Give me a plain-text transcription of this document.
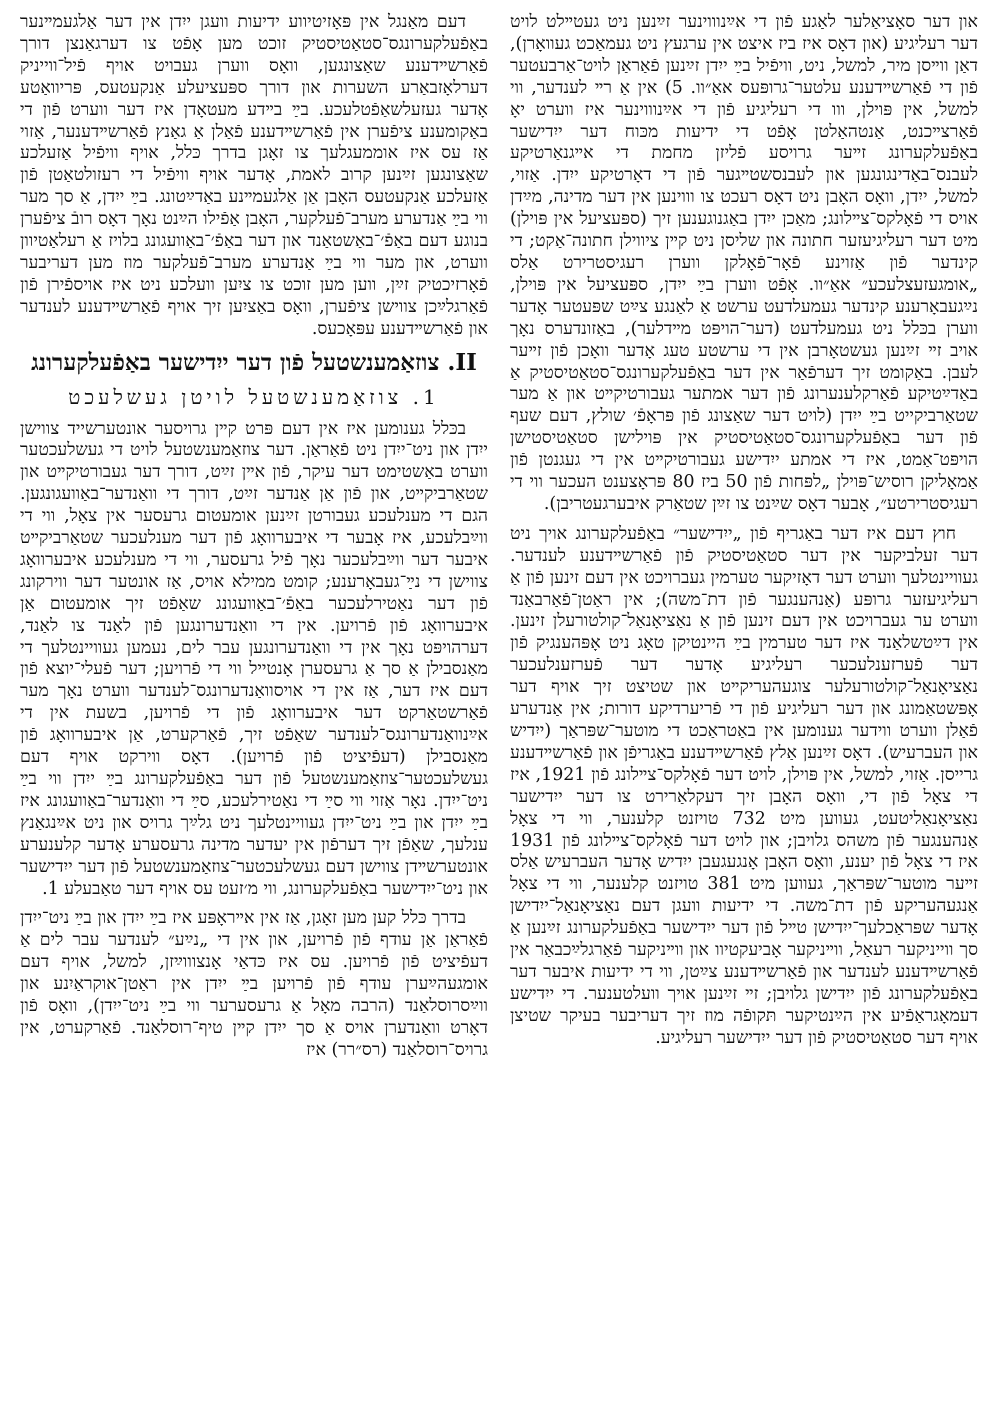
און דער סאָציאַלער לאַגע פֿון די אײַנוווינער זײַנען ניט געטײלט לויט דער רעליגיע (און דאָס איז ביז איצט אין ערגעץ ניט געמאַכט געוואָרן), דאַן ווײסן מיר, למשל, ניט, וויפֿיל בײַ ייִדן זײַנען פֿאַראַן לויט־אַרבעטער פֿון די פֿאַרשײדענע עלטער־גרופּעס אאַ״וו. 5) אין אַ רײ לענדער, ווי למשל, אין פּוילן, ווו די רעליגיע פֿון די אײַנוווינער איז ווערט יאָ פֿאַרצײכנט, אַנטהאַלטן אָפֿט די ידיעות מכּוח דער ייִדישער באַפֿעלקערונג זײער גרויסע פֿליזן מחמת די אײגנאַרטיקע לעבנס־באַדינגונגען און לעבנסשטײגער פֿון די דאָרטיקע ייִדן. אַזוי, למשל, ייִדן, וואָס האָבן ניט דאָס רעכט צו וווינען אין דער מדינה, מײַדן אויס די פֿאָלקס־צײלונג; מאַכן ייִדן באַגנוגענען זיך (ספּעציעל אין פּוילן) מיט דער רעליגיעזער חתונה און שליסן ניט קײן ציווילן חתונה־אַקט; די קינדער פֿון אַזוינע פֿאָר־פֿאָלקן ווערן רעגיסטרירט אַלס „אומגעזעצלעכע״ אאַ״וו. אָפֿט ווערן בײַ ייִדן, ספּעציעל אין פּוילן, נײַגעבאָרענע קינדער געמעלדעט ערשט אַ לאַנגע צײַט שפּעטער אָדער ווערן בכּלל ניט געמעלדעט (דער־הויפּט מײדלער), באַזונדערס נאָך אויב זײ זײַנען געשטאָרבן אין די ערשטע טעג אָדער וואָכן פֿון זײער לעבן. באַקומט זיך דערפֿאַר אין דער באַפֿעלקערונגס־סטאַטיסטיק אַ באַדײַטיקע פֿאַרקלענערונג פֿון דער אמתער געבורטיקײט און אַ מער שטאַרביקייט בײַ ייִדן (לויט דער שאַצונג פֿון פּראָפֿ׳ שולץ, דעם שעף פֿון דער באַפֿעלקערונגס־סטאַטיסטיק אין פּוילישן סטאַטיסטישן הויפּט־אַמט, איז די אמתע ייִדישע געבורטיקײט אין די געגנטן פֿון אַמאָליקן רוסיש־פּוילן „לפּחות פֿון 50 ביז 80 פּראָצענט העכער ווי די רעגיסטרירטע״, אָבער דאָס שײַנט צו זײַן שטאַרק איבערגעטריבן).

חוץ דעם איז דער באַגריף פֿון „ייִדישער״ באַפֿעלקערונג אויך ניט דער זעלביקער אין דער סטאַטיסטיק פֿון פֿאַרשײדענע לענדער. געוויינטלעך ווערט דער דאָזיקער טערמין געברויכט אין דעם זינען פֿון אַ רעליגיעזער גרופּע (אַנהענגער פֿון דת־משה); אין ראַטן־פֿאַרבאַנד ווערט ער געברויכט אין דעם זינען פֿון אַ נאַציאָנאַל־קולטורעלן זינען. אין דײַטשלאַנד איז דער טערמין בײַ היינטיקן טאָג ניט אָפּהענגיק פֿון דער פֿערזענלעכער רעליגיע אָדער דער פֿערזענלעכער נאַציאָנאַל־קולטורעלער צוגעהעריקײט און שטיצט זיך אויף דער אָפּשטאַמונג און דער רעליגיע פֿון די פֿריערדיקע דורות; אין אַנדערע פֿאַלן ווערט ווידער גענומען אין באַטראַכט די מוטער־שפּראַך (ייִדיש און העברעיש). דאָס זײַנען אַלץ פֿאַרשײדענע באַגריפֿן און פֿאַרשײדענע גרייסן. אַזוי, למשל, אין פּוילן, לויט דער פֿאָלקס־צײלונג פֿון 1921, איז די צאָל פֿון די, וואָס האָבן זיך דעקלאַרירט צו דער ייִדישער נאַציאָנאַליטעט, געווען מיט 732 טויזנט קלענער, ווי די צאָל אַנהענגער פֿון משהס גלויבן; און לויט דער פֿאָלקס־צײלונג פֿון 1931 איז די צאָל פֿון יענע, וואָס האָבן אָנגעגעבן ייִדיש אָדער העברעיש אַלס זײער מוטער־שפּראַך, געווען מיט 381 טויזנט קלענער, ווי די צאָל אַנגעהעריקע פֿון דת־משה. די ידיעות וועגן דעם נאַציאָנאַל־ייִדישן אָדער שפּראַכלעך־ייִדישן טײל פֿון דער ייִדישער באַפֿעלקערונג זײַנען אַ סך ווייניקער רעאַל, ווײניקער אָביעקטיוו און ווײניקער פֿאַרגלײַכבאַר אין פֿאַרשײדענע לענדער און פֿאַרשײדענע צײַטן, ווי די ידיעות איבער דער באַפֿעלקערונג פֿון ייִדישן גלויבן; זײ זײַנען אויך וועלטענער. די ייִדישע דעמאָגראַפֿיע אין הײַנטיקער תּקופֿה מוז זיך דעריבער בעיקר שטיצן אויף דער סטאַטיסטיק פֿון דער ייִדישער רעליגיע.

דעם מאַנגל אין פּאָזיטיווע ידיעות וועגן ייִדן אין דער אַלגעמײנער באַפֿעלקערונגס־סטאַטיסטיק זוכט מען אָפֿט צו דערגאַנצן דורך פֿאַרשײדענע שאַצונגען, וואָס ווערן געבויט אויף פֿיל־ווייניק דערלאָזבאַרע השערות און דורך ספּעציעלע אַנקעטעס, פּריוואַטע אָדער געזעלשאַפֿטלעכע. בײַ בײדע מעטאָדן איז דער ווערט פֿון די באַקומענע ציפֿערן אין פֿאַרשײדענע פֿאַלן אַ גאַנץ פֿאַרשײדענער, אַזוי אַז עס איז אוממעגלעך צו זאָגן בדרך כּלל, אויף וויפֿיל אַזעלכע שאַצונגען זײַנען קרוב לאמת, אָדער אויף וויפֿיל די רעזולטאַטן פֿון אַזעלכע אַנקעטעס האָבן אַן אַלגעמײנע באַדײַטונג. בײַ ייִדן, אַ סך מער ווי בײַ אַנדערע מערב־פֿעלקער, האָבן אַפֿילו הײַנט נאָך דאָס רובֿ ציפֿערן בנוגע דעם באַפֿ׳־באַשטאַנד און דער באַפֿ׳־באַוועגונג בלויז אַ רעלאַטיוון ווערט, און מער ווי בײַ אַנדערע מערב־פֿעלקער מוז מען דעריבער פֿאָרזיכטיק זײַן, ווען מען זוכט צו ציִען וועלכע ניט איז אויספֿירן פֿון פֿאַרגלײַכן צווישן ציפֿערן, וואָס באַציִען זיך אויף פֿאַרשײדענע לענדער און פֿאַרשײדענע עפּאָכעס.

II. צוזאַמענשטעל פֿון דער ייִדישער באַפֿעלקערונג
1. צוזאַמענשטעל לויטן געשלעכט

בכּלל גענומען איז אין דעם פּרט קײן גרויסער אונטערשייד צווישן ייִדן און ניט־ייִדן ניט פֿאַראַן. דער צוזאַמענשטעל לויט די געשלעכטער ווערט באַשטימט דער עיקר, פֿון אײן זײַט, דורך דער געבורטיקײט און שטאַרביקײט, און פֿון אַן אַנדער זײַט, דורך די וואַנדער־באַוועגונגען. הגם די מענלעכע געבורטן זײַנען אומעטום גרעסער אין צאָל, ווי די ווײַבלעכע, איז אָבער די איבערוואָג פֿון דער מענלעכער שטאַרביקײט איבער דער ווײַבלעכער נאָך פֿיל גרעסער, ווי די מענלעכע איבערוואָג צווישן די נײַ־געבאָרענע; קומט ממילא אויס, אַז אונטער דער ווירקונג פֿון דער נאַטירלעכער באַפֿ׳־באַוועגונג שאַפֿט זיך אומעטום אַן איבערוואָג פֿון פֿרויען. אין די וואַנדערונגען פֿון לאַנד צו לאַנד, דערהויפּט נאָך אין די וואַנדערונגען עבר לים, נעמען געוויינטלעך די מאַנסבילן אַ סך אַ גרעסערן אָנטייל ווי די פֿרויען; דער פֿעלי־יוצא פֿון דעם איז דער, אַז אין די אויסוואַנדערונגס־לענדער ווערט נאָך מער פֿאַרשטאַרקט דער איבערוואָג פֿון די פֿרויען, בשעת אין די אײַנוואַנדערונגס־לענדער שאַפֿט זיך, פֿאַרקערט, אַן איבערוואָג פֿון מאַנסבילן (דעפֿיציט פֿון פֿרויען). דאָס ווירקט אויף דעם געשלעכטער־צוזאַמענשטעל פֿון דער באַפֿעלקערונג בײַ ייִדן ווי בײַ ניט־ייִדן. נאָר אַזוי ווי סײַ די נאַטירלעכע, סײַ די וואַנדער־באַוועגונג איז בײַ ייִדן און בײַ ניט־ייִדן געוויינטלעך ניט גלײַך גרויס און ניט אײַנגאַנץ ענלעך, שאַפֿן זיך דערפֿון אין יעדער מדינה גרעסערע אָדער קלענערע אונטערשײדן צווישן דעם געשלעכטער־צוזאַמענשטעל פֿון דער ייִדישער און ניט־ייִדישער באַפֿעלקערונג, ווי מ׳זעט עס אויף דער טאַבעלע 1.

בדרך כּלל קען מען זאָגן, אַז אין אײראָפּע איז בײַ ייִדן און בײַ ניט־ייִדן פֿאַראַן אַן עודף פֿון פֿרויען, און אין די „נײַע״ לענדער עבר לים אַ דעפֿיציט פֿון פֿרויען. עס איז כּדאַי אָנצוווײַזן, למשל, אויף דעם אומגעהײַערן עודף פֿון פֿרויען בײַ ייִדן אין ראַטן־אוקראַיִנע און ווײַסרוסלאַנד (הרבה מאָל אַ גרעסערער ווי בײַ ניט־ייִדן), וואָס פֿון דאָרט וואַנדערן אויס אַ סך ייִדן קײן טיף־רוסלאַנד. פֿאַרקערט, אין גרויס־רוסלאַנד (רס״רר) איז
